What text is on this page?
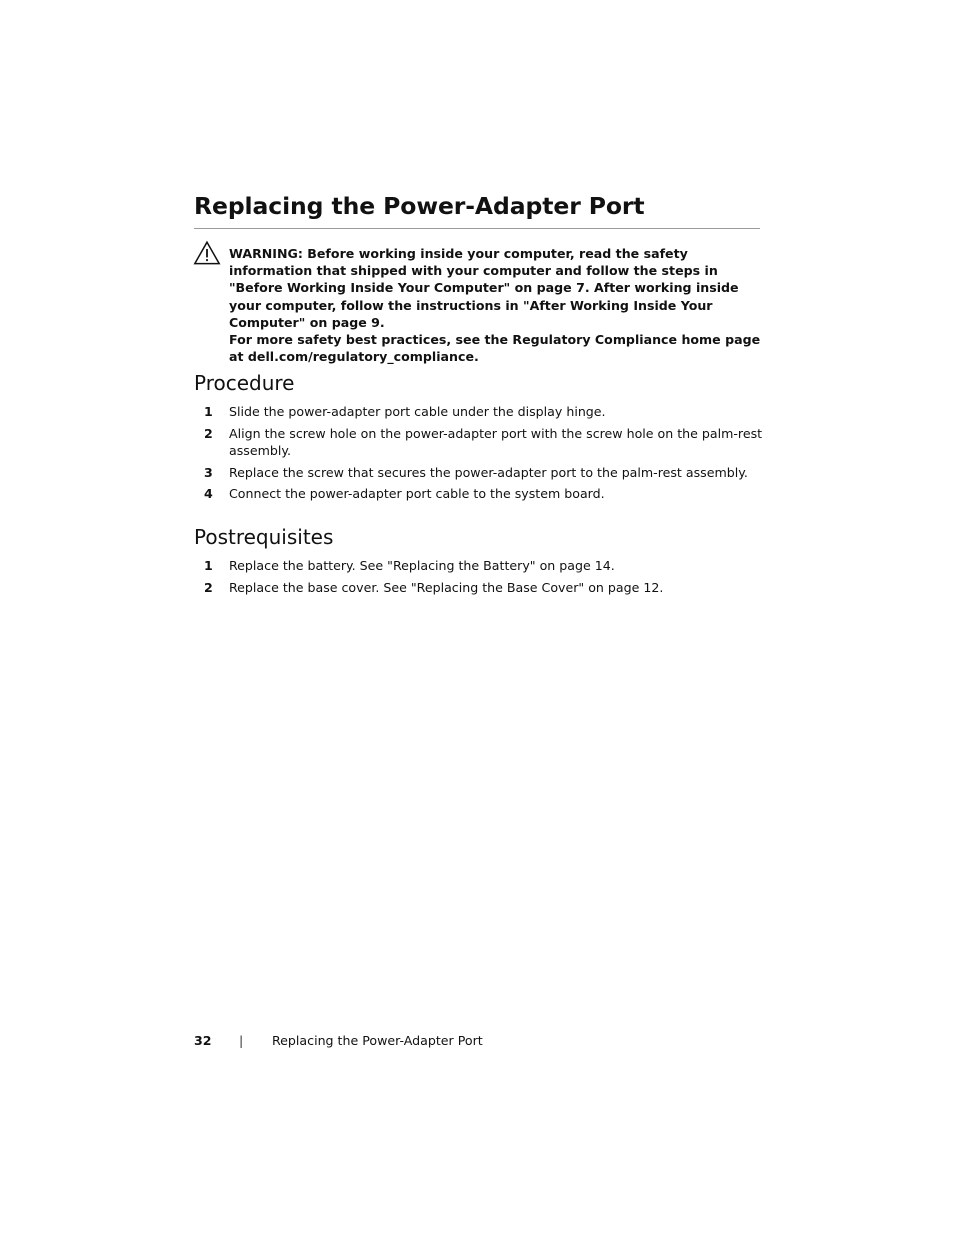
Replacing the Power-Adapter Port

WARNING: Before working inside your computer, read the safety information that shipped with your computer and follow the steps in "Before Working Inside Your Computer" on page 7. After working inside your computer, follow the instructions in "After Working Inside Your Computer" on page 9.

For more safety best practices, see the Regulatory Compliance home page at dell.com/regulatory_compliance.

Procedure
1 Slide the power-adapter port cable under the display hinge.
2 Align the screw hole on the power-adapter port with the screw hole on the palm-rest assembly.
3 Replace the screw that secures the power-adapter port to the palm-rest assembly.
4 Connect the power-adapter port cable to the system board.
Postrequisites
1 Replace the battery. See "Replacing the Battery" on page 14.
2 Replace the base cover. See "Replacing the Base Cover" on page 12.
32 | Replacing the Power-Adapter Port
